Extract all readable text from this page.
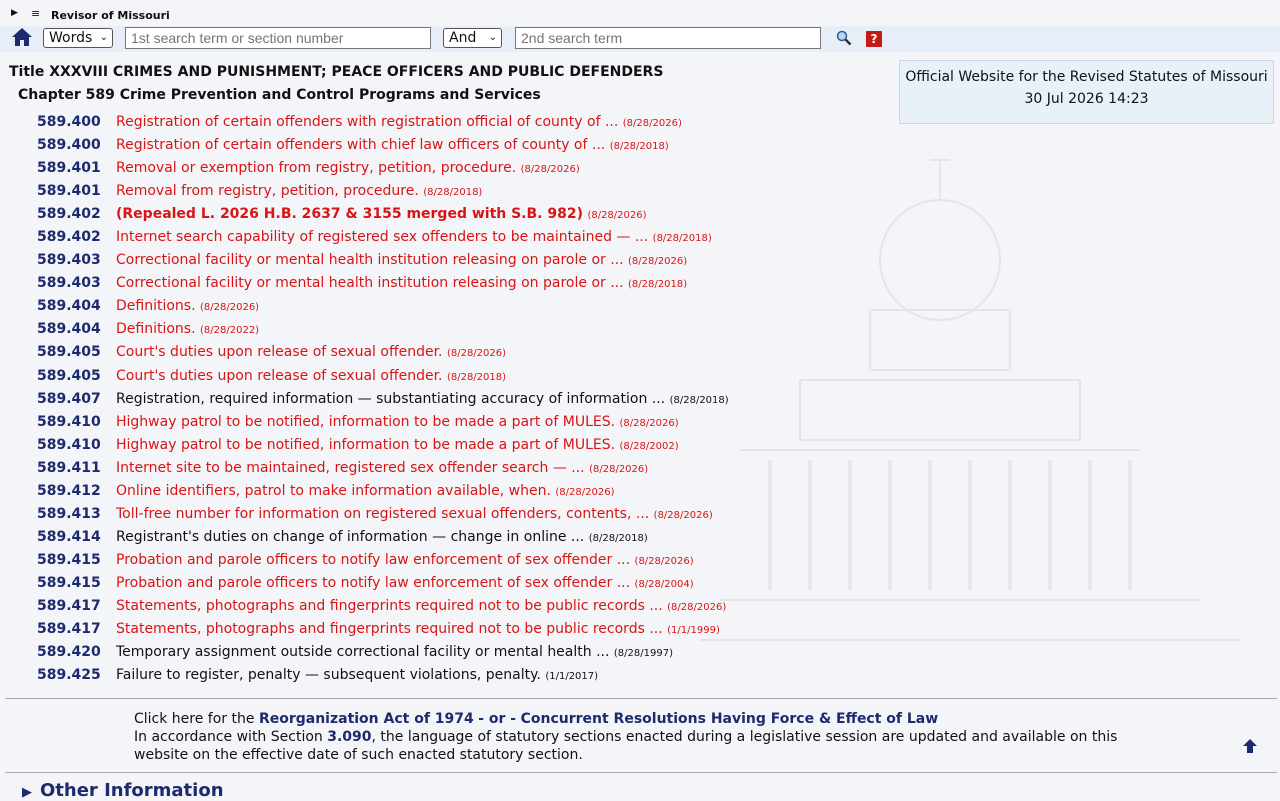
▶ ≡ Revisor of Missouri
Words ⌄
1st search term or section number	And ⌄
2nd search term	?
Title XXXVIII CRIMES AND PUNISHMENT; PEACE OFFICERS AND PUBLIC DEFENDERS
Chapter 589 Crime Prevention and Control Programs and Services
Official Website for the Revised Statutes of Missouri
30 Jul 2026 14:23
589.400 Registration of certain offenders with registration official of county of ... (8/28/2026)
589.400 Registration of certain offenders with chief law officers of county of ... (8/28/2018)
589.401 Removal or exemption from registry, petition, procedure. (8/28/2026)
589.401 Removal from registry, petition, procedure. (8/28/2018)
589.402 (Repealed L. 2026 H.B. 2637 & 3155 merged with S.B. 982) (8/28/2026)
589.402 Internet search capability of registered sex offenders to be maintained — ... (8/28/2018)
589.403 Correctional facility or mental health institution releasing on parole or ... (8/28/2026)
589.403 Correctional facility or mental health institution releasing on parole or ... (8/28/2018)
589.404 Definitions. (8/28/2026)
589.404 Definitions. (8/28/2022)
589.405 Court's duties upon release of sexual offender. (8/28/2026)
589.405 Court's duties upon release of sexual offender. (8/28/2018)
589.407 Registration, required information — substantiating accuracy of information ... (8/28/2018)
589.410 Highway patrol to be notified, information to be made a part of MULES. (8/28/2026)
589.410 Highway patrol to be notified, information to be made a part of MULES. (8/28/2002)
589.411 Internet site to be maintained, registered sex offender search — ... (8/28/2026)
589.412 Online identifiers, patrol to make information available, when. (8/28/2026)
589.413 Toll-free number for information on registered sexual offenders, contents, ... (8/28/2026)
589.414 Registrant's duties on change of information — change in online ... (8/28/2018)
589.415 Probation and parole officers to notify law enforcement of sex offender ... (8/28/2026)
589.415 Probation and parole officers to notify law enforcement of sex offender ... (8/28/2004)
589.417 Statements, photographs and fingerprints required not to be public records ... (8/28/2026)
589.417 Statements, photographs and fingerprints required not to be public records ... (1/1/1999)
589.420 Temporary assignment outside correctional facility or mental health ... (8/28/1997)
589.425 Failure to register, penalty — subsequent violations, penalty. (1/1/2017)
Click here for the Reorganization Act of 1974 - or - Concurrent Resolutions Having Force & Effect of Law
In accordance with Section 3.090, the language of statutory sections enacted during a legislative session are updated and available on this website on the effective date of such enacted statutory section.
▶ Other Information
